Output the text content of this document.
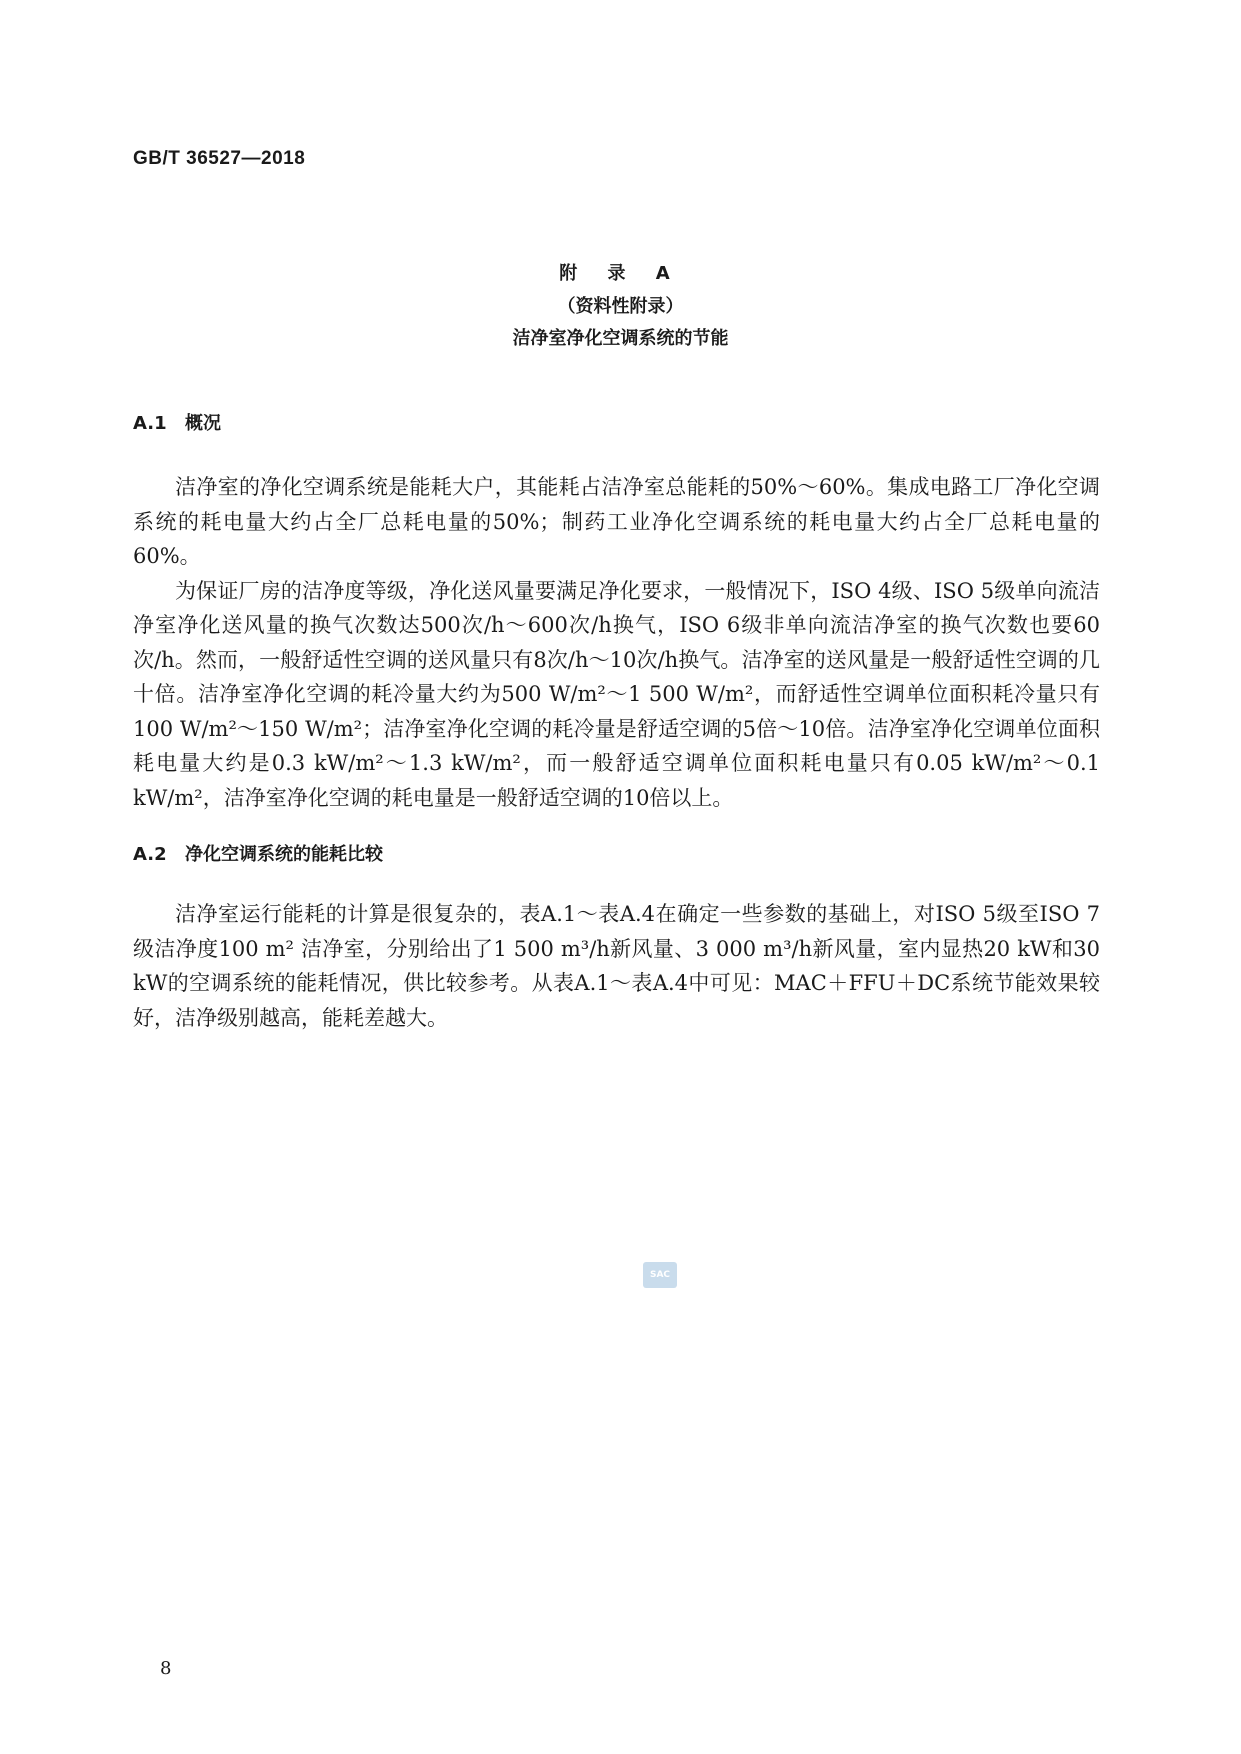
GB/T 36527—2018
附 录 A
（资料性附录）
洁净室净化空调系统的节能
A.1 概况

洁净室的净化空调系统是能耗大户，其能耗占洁净室总能耗的50%～60%。集成电路工厂净化空调系统的耗电量大约占全厂总耗电量的50%；制药工业净化空调系统的耗电量大约占全厂总耗电量的60%。

为保证厂房的洁净度等级，净化送风量要满足净化要求，一般情况下，ISO 4级、ISO 5级单向流洁净室净化送风量的换气次数达500次/h～600次/h换气，ISO 6级非单向流洁净室的换气次数也要60次/h。然而，一般舒适性空调的送风量只有8次/h～10次/h换气。洁净室的送风量是一般舒适性空调的几十倍。洁净室净化空调的耗冷量大约为500 W/m²～1 500 W/m²，而舒适性空调单位面积耗冷量只有100 W/m²～150 W/m²；洁净室净化空调的耗冷量是舒适空调的5倍～10倍。洁净室净化空调单位面积耗电量大约是0.3 kW/m²～1.3 kW/m²，而一般舒适空调单位面积耗电量只有0.05 kW/m²～0.1 kW/m²，洁净室净化空调的耗电量是一般舒适空调的10倍以上。

A.2 净化空调系统的能耗比较

洁净室运行能耗的计算是很复杂的，表A.1～表A.4在确定一些参数的基础上，对ISO 5级至ISO 7级洁净度100 m² 洁净室，分别给出了1 500 m³/h新风量、3 000 m³/h新风量，室内显热20 kW和30 kW的空调系统的能耗情况，供比较参考。从表A.1～表A.4中可见：MAC＋FFU＋DC系统节能效果较好，洁净级别越高，能耗差越大。

SAC
8
